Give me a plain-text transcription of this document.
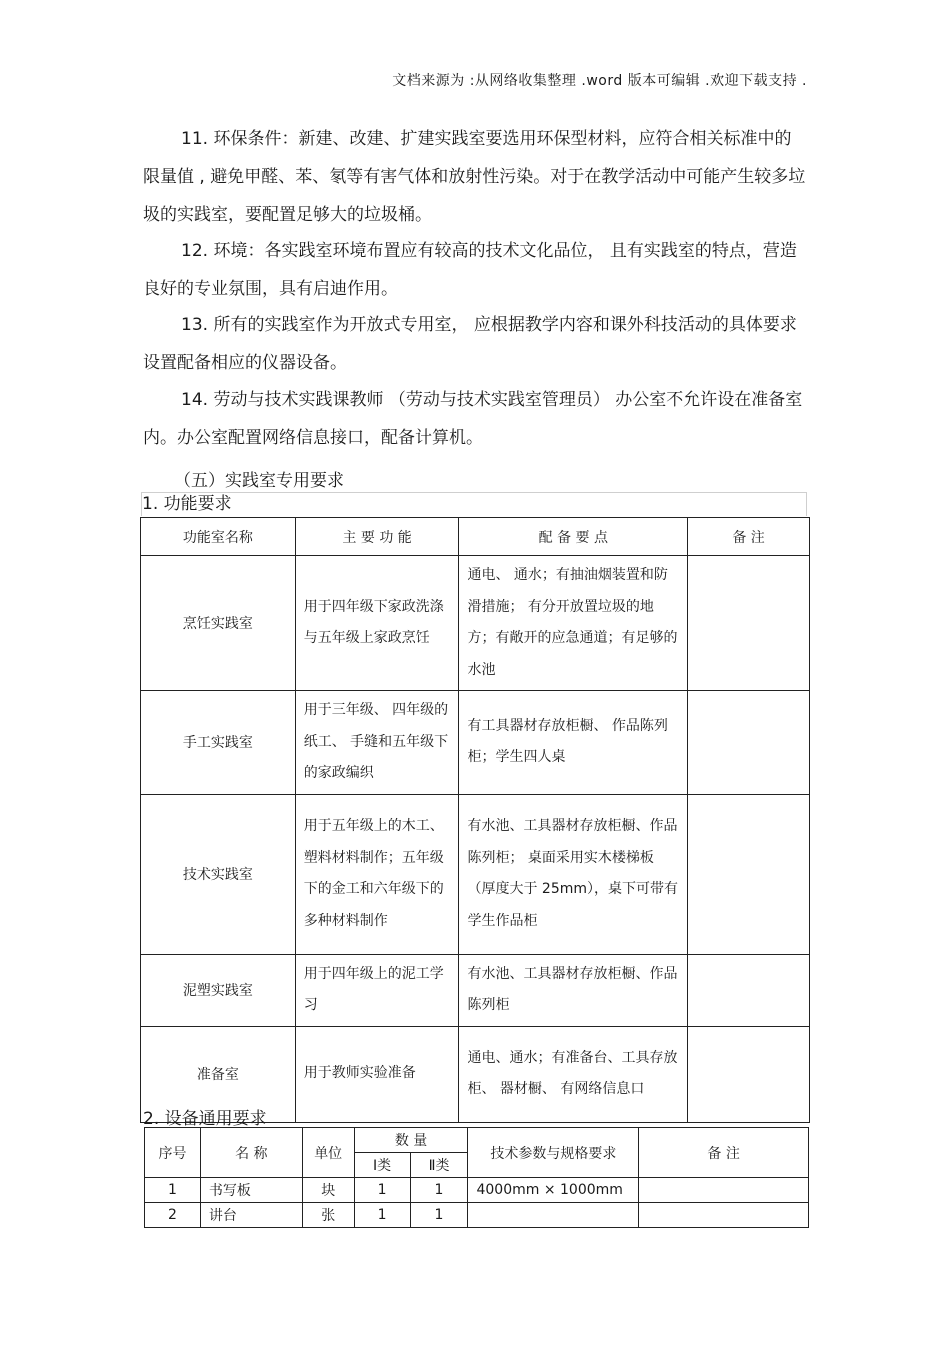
文档来源为 :从网络收集整理 .word 版本可编辑 .欢迎下载支持 .
11. 环保条件：新建、改建、扩建实践室要选用环保型材料，应符合相关标准中的限量值 , 避免甲醛、苯、氡等有害气体和放射性污染。对于在教学活动中可能产生较多垃圾的实践室，要配置足够大的垃圾桶。
12. 环境：各实践室环境布置应有较高的技术文化品位， 且有实践室的特点，营造良好的专业氛围，具有启迪作用。
13. 所有的实践室作为开放式专用室， 应根据教学内容和课外科技活动的具体要求设置配备相应的仪器设备。
14. 劳动与技术实践课教师 （劳动与技术实践室管理员） 办公室不允许设在准备室内。办公室配置网络信息接口，配备计算机。
（五）实践室专用要求
1. 功能要求
功能室名称	主 要 功 能	配 备 要 点	备 注
烹饪实践室	用于四年级下家政洗涤与五年级上家政烹饪	通电、 通水；有抽油烟装置和防滑措施； 有分开放置垃圾的地方；有敞开的应急通道；有足够的水池	
手工实践室	用于三年级、 四年级的纸工、 手缝和五年级下的家政编织	有工具器材存放柜橱、 作品陈列柜；学生四人桌	
技术实践室	用于五年级上的木工、塑料材料制作；五年级下的金工和六年级下的多种材料制作	有水池、工具器材存放柜橱、作品陈列柜； 桌面采用实木楼梯板（厚度大于 25mm），桌下可带有学生作品柜	
泥塑实践室	用于四年级上的泥工学习	有水池、工具器材存放柜橱、作品陈列柜	
准备室	用于教师实验准备	通电、通水；有准备台、工具存放柜、 器材橱、 有网络信息口	
2. 设备通用要求
序号	名 称	单位	数 量		技术参数与规格要求	备 注
			Ⅰ类	Ⅱ类		
1	书写板	块	1	1	4000mm × 1000mm	
2	讲台	张	1	1		
